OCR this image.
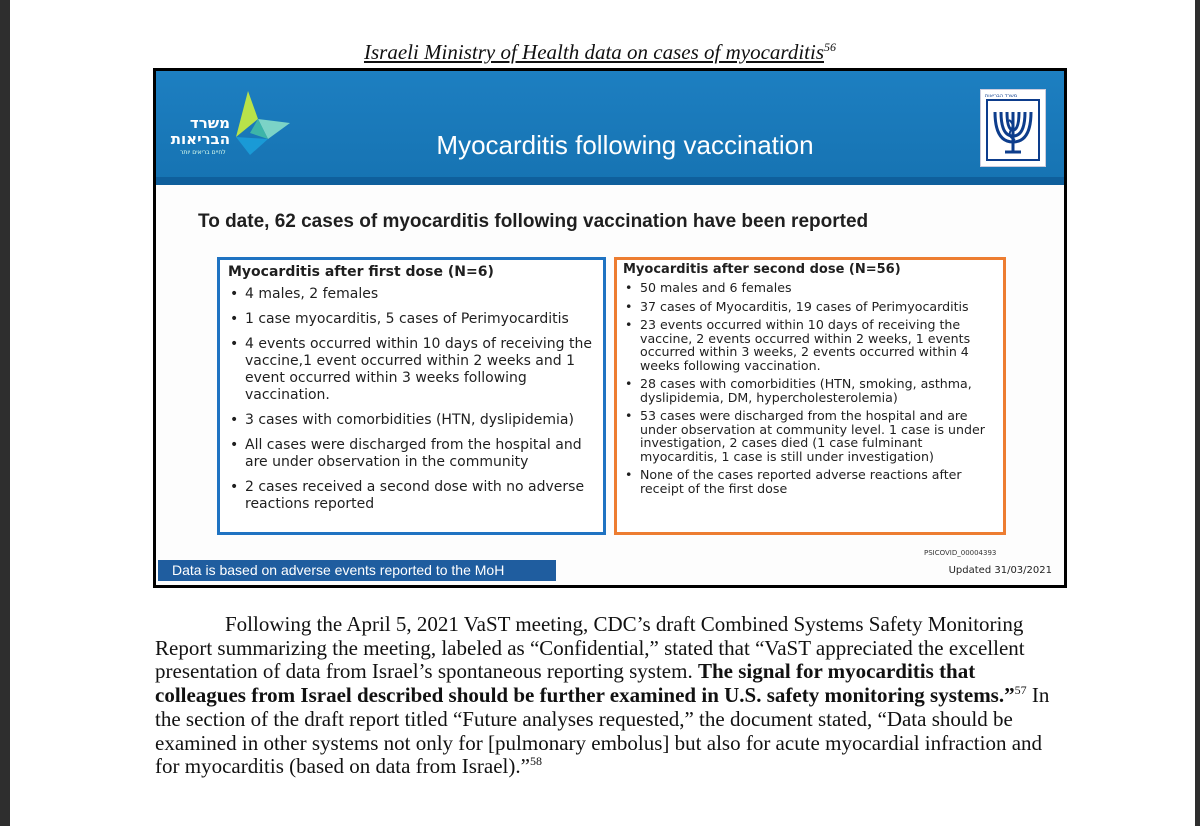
Israeli Ministry of Health data on cases of myocarditis$^{56}$
משרד
הבריאות
לחיים בריאים יותר	Myocarditis following vaccination
משרד הבריאות
To date, 62 cases of myocarditis following vaccination have been reported
Myocarditis after first dose (N=6)
• 4 males, 2 females
• 1 case myocarditis, 5 cases of Perimyocarditis
• 4 events occurred within 10 days of receiving the vaccine,1 event occurred within 2 weeks and 1 event occurred within 3 weeks following vaccination.
• 3 cases with comorbidities (HTN, dyslipidemia)
• All cases were discharged from the hospital and are under observation in the community
• 2 cases received a second dose with no adverse reactions reported
Myocarditis after second dose (N=56)
• 50 males and 6 females
• 37 cases of Myocarditis, 19 cases of Perimyocarditis
• 23 events occurred within 10 days of receiving the vaccine, 2 events occurred within 2 weeks, 1 events occurred within 3 weeks, 2 events occurred within 4 weeks following vaccination.
• 28 cases with comorbidities (HTN, smoking, asthma, dyslipidemia, DM, hypercholesterolemia)
• 53 cases were discharged from the hospital and are under observation at community level. 1 case is under investigation, 2 cases died (1 case fulminant myocarditis, 1 case is still under investigation)
• None of the cases reported adverse reactions after receipt of the first dose
PSICOVID_00004393
Data is based on adverse events reported to the MoH	Updated 31/03/2021

Following the April 5, 2021 VaST meeting, CDC’s draft Combined Systems Safety Monitoring Report summarizing the meeting, labeled as “Confidential,” stated that “VaST appreciated the excellent presentation of data from Israel’s spontaneous reporting system. The signal for myocarditis that colleagues from Israel described should be further examined in U.S. safety monitoring systems.”$^{57}$ In the section of the draft report titled “Future analyses requested,” the document stated, “Data should be examined in other systems not only for [pulmonary embolus] but also for acute myocardial infraction and for myocarditis (based on data from Israel).”$^{58}$
